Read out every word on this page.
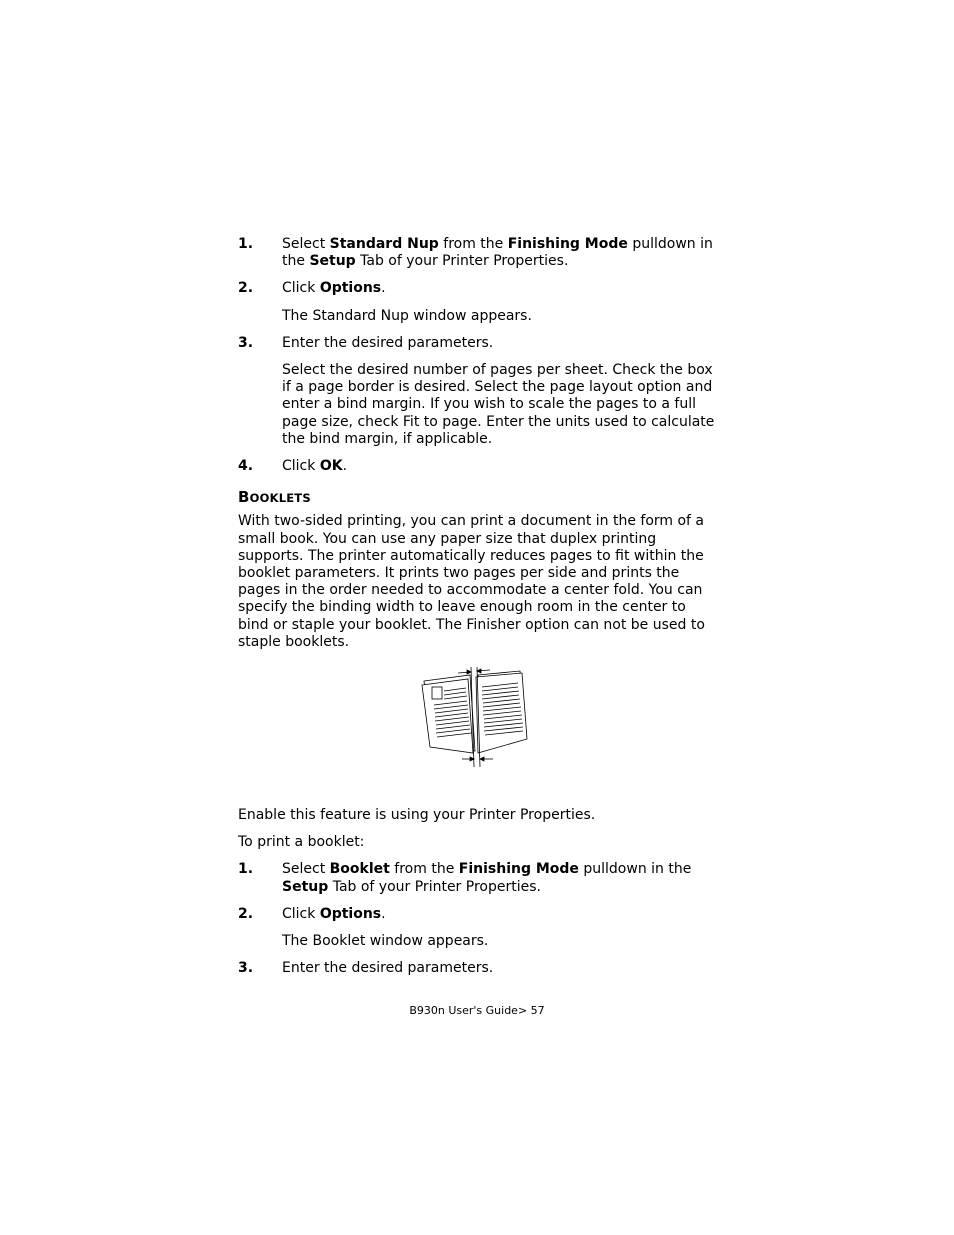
1. Select Standard Nup from the Finishing Mode pulldown in the Setup Tab of your Printer Properties.

2. Click Options.

The Standard Nup window appears.

3. Enter the desired parameters.

Select the desired number of pages per sheet. Check the box if a page border is desired. Select the page layout option and enter a bind margin. If you wish to scale the pages to a full page size, check Fit to page. Enter the units used to calculate the bind margin, if applicable.

4. Click OK.

BOOKLETS

With two-sided printing, you can print a document in the form of a small book. You can use any paper size that duplex printing supports. The printer automatically reduces pages to fit within the booklet parameters. It prints two pages per side and prints the pages in the order needed to accommodate a center fold. You can specify the binding width to leave enough room in the center to bind or staple your booklet. The Finisher option can not be used to staple booklets.

Enable this feature is using your Printer Properties.

To print a booklet:

1. Select Booklet from the Finishing Mode pulldown in the Setup Tab of your Printer Properties.

2. Click Options.

The Booklet window appears.

3. Enter the desired parameters.

B930n User's Guide> 57
